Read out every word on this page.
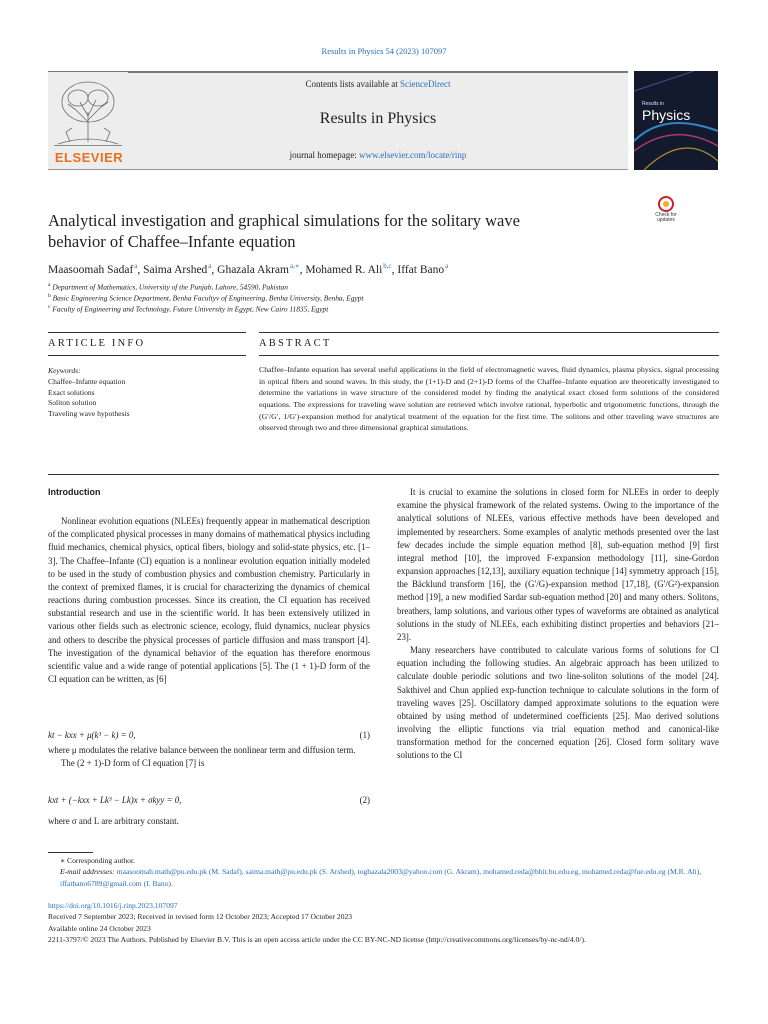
Results in Physics 54 (2023) 107097
ELSEVIER
Contents lists available at ScienceDirect
Results in Physics
journal homepage: www.elsevier.com/locate/rinp
Results in
Physics
Check for updates
Analytical investigation and graphical simulations for the solitary wave
behavior of Chaffee–Infante equation
Maasoomah Sadaf $^a$, Saima Arshed $^a$, Ghazala Akram $^{a,∗}$, Mohamed R. Ali $^{b,c}$, Iffat Bano $^a$
$^a$ Department of Mathematics, University of the Punjab, Lahore, 54590, Pakistan
$^b$ Basic Engineering Science Department, Benha Facultyv of Engineering, Benha University, Benha, Egypt
$^c$ Faculty of Engineering and Technology, Future University in Egypt, New Cairo 11835, Egypt
ARTICLE INFO	ABSTRACT
Keywords:
Chaffee–Infante equation
Exact solutions
Soliton solution
Traveling wave hypothesis
Chaffee–Infante equation has several useful applications in the field of electromagnetic waves, fluid dynamics, plasma physics, signal processing in optical fibers and sound waves. In this study, the (1+1)-D and (2+1)-D forms of the Chaffee–Infante equation are theoretically investigated to determine the variations in wave structure of the considered model by finding the analytical exact closed form solutions of the considered equations. The expressions for traveling wave solution are retrieved which involve rational, hyperbolic and trigonometric functions, through the (G′/G′, 1/G′)-expansion method for analytical treatment of the equation for the first time. The solitons and other traveling wave structures are observed through two and three dimensional graphical simulations.
Introduction

Nonlinear evolution equations (NLEEs) frequently appear in mathematical description of the complicated physical processes in many domains of mathematical physics including fluid mechanics, chemical physics, optical fibers, biology and solid-state physics, etc. [1–3]. The Chaffee–Infante (CI) equation is a nonlinear evolution equation initially modeled to be used in the study of combustion physics and combustion chemistry. Particularly in the context of premixed flames, it is crucial for characterizing the dynamics of chemical reactions during combustion processes. Since its creation, the CI equation has received substantial research and use in the scientific world. It has been extensively utilized in various other fields such as electronic science, ecology, fluid dynamics, nuclear physics and others to describe the physical processes of particle diffusion and mass transport [4]. The investigation of the dynamical behavior of the equation has therefore enormous scientific value and a wide range of potential applications [5]. The (1 + 1)-D form of the CI equation can be written, as [6]

kt − kxx + μ(k³ − k) = 0,	(1)

where μ modulates the relative balance between the nonlinear term and diffusion term.

The (2 + 1)-D form of CI equation [7] is

kxt + (−kxx + Lk³ − Lk)x + σkyy = 0,	(2)

where σ and L are arbitrary constant.

It is crucial to examine the solutions in closed form for NLEEs in order to deeply examine the physical framework of the related systems. Owing to the importance of the analytical solutions of NLEEs, various effective methods have been developed and implemented by researchers. Some examples of analytic methods presented over the last few decades include the simple equation method [8], sub-equation method [9] first integral method [10], the improved F-expansion methodology [11], sine-Gordon expansion approaches [12,13], auxiliary equation technique [14] symmetry approach [15], the Bäcklund transform [16], the (G′/G)-expansion method [17,18], (G′/G²)-expansion method [19], a new modified Sardar sub-equation method [20] and many others. Solitons, breathers, lamp solutions, and various other types of waveforms are obtained as analytical solutions in the study of NLEEs, each exhibiting distinct properties and behaviors [21–23].

Many researchers have contributed to calculate various forms of solutions for CI equation including the following studies. An algebraic approach has been utilized to calculate double periodic solutions and two line-soliton solutions of the model [24]. Sakthivel and Chun applied exp-function technique to calculate solutions in the form of traveling waves [25]. Oscillatory damped approximate solutions to the equation were obtained by using method of undetermined coefficients [25]. Mao derived solutions involving the elliptic functions via trial equation method and canonical-like transformation method for the concerned equation [26]. Closed form solitary wave solutions to the CI

∗ Corresponding author.
E-mail addresses: maasoomah.math@pu.edu.pk (M. Sadaf), saima.math@pu.edu.pk (S. Arshed), toghazala2003@yahoo.com (G. Akram), mohamed.reda@bhit.bu.edu.eg, mohamed.reda@fue.edu.eg (M.R. Ali), iffatbano6789@gmail.com (I. Bano).
https://doi.org/10.1016/j.rinp.2023.107097
Received 7 September 2023; Received in revised form 12 October 2023; Accepted 17 October 2023
Available online 24 October 2023
2211-3797/© 2023 The Authors. Published by Elsevier B.V. This is an open access article under the CC BY-NC-ND license (http://creativecommons.org/licenses/by-nc-nd/4.0/).
